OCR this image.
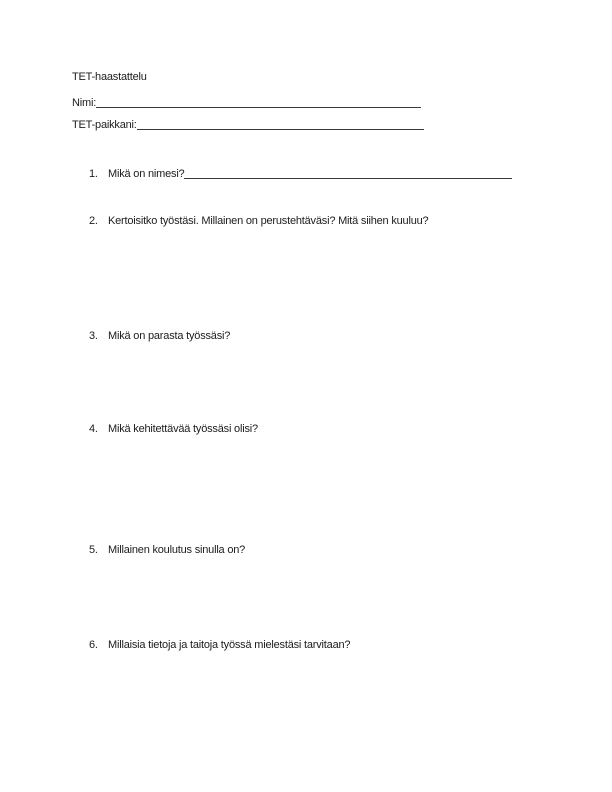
TET-haastattelu
Nimi:
TET-paikkani:
1. Mikä on nimesi?
2. Kertoisitko työstäsi. Millainen on perustehtäväsi? Mitä siihen kuuluu?
3. Mikä on parasta työssäsi?
4. Mikä kehitettävää työssäsi olisi?
5. Millainen koulutus sinulla on?
6. Millaisia tietoja ja taitoja työssä mielestäsi tarvitaan?
